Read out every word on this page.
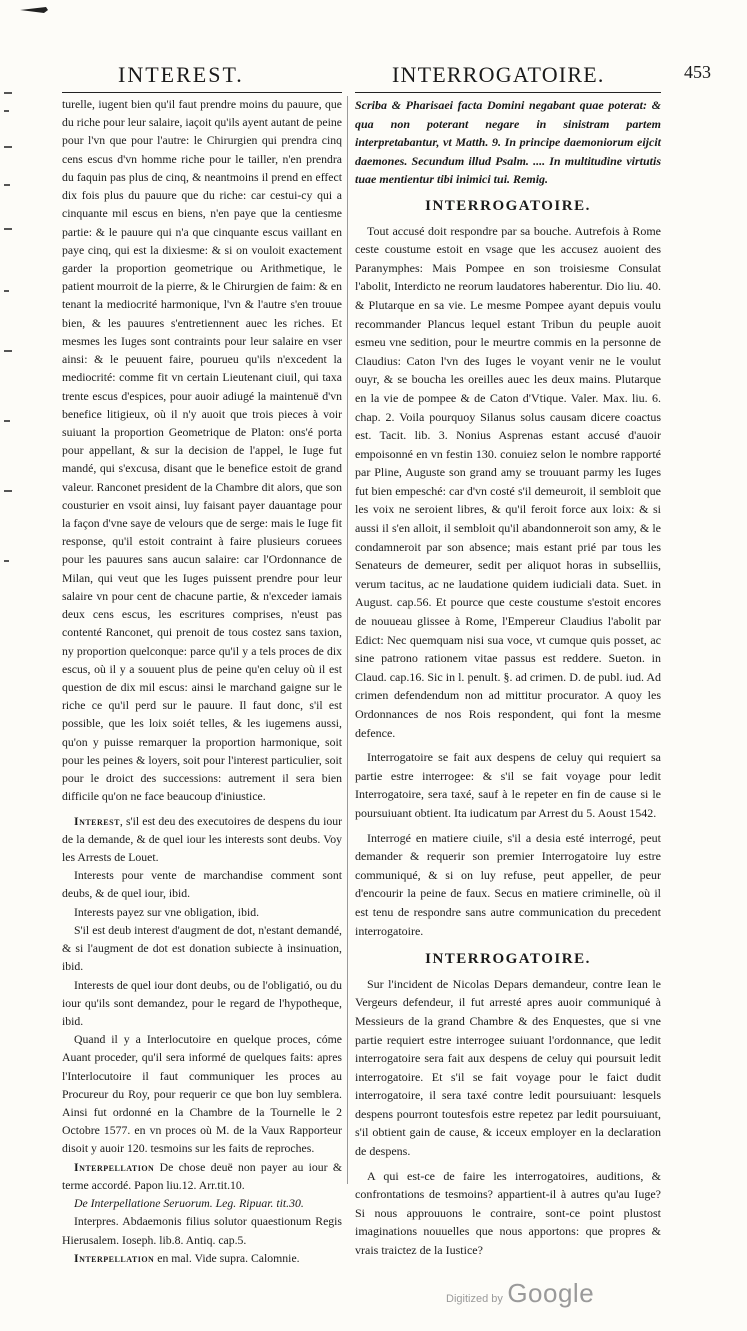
INTEREST.	INTERROGATOIRE.	453

turelle, iugent bien qu'il faut prendre moins du pauure, que du riche pour leur salaire, iaçoit qu'ils ayent autant de peine pour l'vn que pour l'autre: le Chirurgien qui prendra cinq cens escus d'vn homme riche pour le tailler, n'en prendra du faquin pas plus de cinq, & neantmoins il prend en effect dix fois plus du pauure que du riche: car cestui-cy qui a cinquante mil escus en biens, n'en paye que la centiesme partie: & le pauure qui n'a que cinquante escus vaillant en paye cinq, qui est la dixiesme: & si on vouloit exactement garder la proportion geometrique ou Arithmetique, le patient mourroit de la pierre, & le Chirurgien de faim: & en tenant la mediocrité harmonique, l'vn & l'autre s'en trouue bien, & les pauures s'entretiennent auec les riches. Et mesmes les Iuges sont contraints pour leur salaire en vser ainsi: & le peuuent faire, pourueu qu'ils n'excedent la mediocrité: comme fit vn certain Lieutenant ciuil, qui taxa trente escus d'espices, pour auoir adiugé la maintenuë d'vn benefice litigieux, où il n'y auoit que trois pieces à voir suiuant la proportion Geometrique de Platon: ons'é porta pour appellant, & sur la decision de l'appel, le Iuge fut mandé, qui s'excusa, disant que le benefice estoit de grand valeur. Ranconet president de la Chambre dit alors, que son cousturier en vsoit ainsi, luy faisant payer dauantage pour la façon d'vne saye de velours que de serge: mais le Iuge fit response, qu'il estoit contraint à faire plusieurs coruees pour les pauures sans aucun salaire: car l'Ordonnance de Milan, qui veut que les Iuges puissent prendre pour leur salaire vn pour cent de chacune partie, & n'exceder iamais deux cens escus, les escritures comprises, n'eust pas contenté Ranconet, qui prenoit de tous costez sans taxion, ny proportion quelconque: parce qu'il y a tels proces de dix escus, où il y a souuent plus de peine qu'en celuy où il est question de dix mil escus: ainsi le marchand gaigne sur le riche ce qu'il perd sur le pauure. Il faut donc, s'il est possible, que les loix soiét telles, & les iugemens aussi, qu'on y puisse remarquer la proportion harmonique, soit pour les peines & loyers, soit pour l'interest particulier, soit pour le droict des successions: autrement il sera bien difficile qu'on ne face beaucoup d'iniustice.

Interest, s'il est deu des executoires de despens du iour de la demande, & de quel iour les interests sont deubs. Voy les Arrests de Louet.

Interests pour vente de marchandise comment sont deubs, & de quel iour, ibid.

Interests payez sur vne obligation, ibid.

S'il est deub interest d'augment de dot, n'estant demandé, & si l'augment de dot est donation subiecte à insinuation, ibid.

Interests de quel iour dont deubs, ou de l'obligatió, ou du iour qu'ils sont demandez, pour le regard de l'hypotheque, ibid.

Quand il y a Interlocutoire en quelque proces, cóme Auant proceder, qu'il sera informé de quelques faits: apres l'Interlocutoire il faut communiquer les proces au Procureur du Roy, pour requerir ce que bon luy semblera. Ainsi fut ordonné en la Chambre de la Tournelle le 2 Octobre 1577. en vn proces où M. de la Vaux Rapporteur disoit y auoir 120. tesmoins sur les faits de reproches.

Interpellation De chose deuë non payer au iour & terme accordé. Papon liu.12. Arr.tit.10.

De Interpellatione Seruorum. Leg. Ripuar. tit.30.

Interpres. Abdaemonis filius solutor quaestionum Regis Hierusalem. Ioseph. lib.8. Antiq. cap.5.

Interpellation en mal. Vide supra. Calomnie.

Scriba & Pharisaei facta Domini negabant quae poterat: & qua non poterant negare in sinistram partem interpretabantur, vt Matth. 9. In principe daemoniorum eijcit daemones. Secundum illud Psalm. .... In multitudine virtutis tuae mentientur tibi inimici tui. Remig.

INTERROGATOIRE.

Tout accusé doit respondre par sa bouche. Autrefois à Rome ceste coustume estoit en vsage que les accusez auoient des Paranymphes: Mais Pompee en son troisiesme Consulat l'abolit, Interdicto ne reorum laudatores haberentur. Dio liu. 40. & Plutarque en sa vie. Le mesme Pompee ayant depuis voulu recommander Plancus lequel estant Tribun du peuple auoit esmeu vne sedition, pour le meurtre commis en la personne de Claudius: Caton l'vn des Iuges le voyant venir ne le voulut ouyr, & se boucha les oreilles auec les deux mains. Plutarque en la vie de pompee & de Caton d'Vtique. Valer. Max. liu. 6. chap. 2. Voila pourquoy Silanus solus causam dicere coactus est. Tacit. lib. 3. Nonius Asprenas estant accusé d'auoir empoisonné en vn festin 130. conuiez selon le nombre rapporté par Pline, Auguste son grand amy se trouuant parmy les Iuges fut bien empesché: car d'vn costé s'il demeuroit, il sembloit que les voix ne seroient libres, & qu'il feroit force aux loix: & si aussi il s'en alloit, il sembloit qu'il abandonneroit son amy, & le condamneroit par son absence; mais estant prié par tous les Senateurs de demeurer, sedit per aliquot horas in subselliis, verum tacitus, ac ne laudatione quidem iudiciali data. Suet. in August. cap.56. Et pource que ceste coustume s'estoit encores de nouueau glissee à Rome, l'Empereur Claudius l'abolit par Edict: Nec quemquam nisi sua voce, vt cumque quis posset, ac sine patrono rationem vitae passus est reddere. Sueton. in Claud. cap.16. Sic in l. penult. §. ad crimen. D. de publ. iud. Ad crimen defendendum non ad mittitur procurator. A quoy les Ordonnances de nos Rois respondent, qui font la mesme defence.

Interrogatoire se fait aux despens de celuy qui requiert sa partie estre interrogee: & s'il se fait voyage pour ledit Interrogatoire, sera taxé, sauf à le repeter en fin de cause si le poursuiuant obtient. Ita iudicatum par Arrest du 5. Aoust 1542.

Interrogé en matiere ciuile, s'il a desia esté interrogé, peut demander & requerir son premier Interrogatoire luy estre communiqué, & si on luy refuse, peut appeller, de peur d'encourir la peine de faux. Secus en matiere criminelle, où il est tenu de respondre sans autre communication du precedent interrogatoire.

INTERROGATOIRE.

Sur l'incident de Nicolas Depars demandeur, contre Iean le Vergeurs defendeur, il fut arresté apres auoir communiqué à Messieurs de la grand Chambre & des Enquestes, que si vne partie requiert estre interrogee suiuant l'ordonnance, que ledit interrogatoire sera fait aux despens de celuy qui poursuit ledit interrogatoire. Et s'il se fait voyage pour le faict dudit interrogatoire, il sera taxé contre ledit poursuiuant: lesquels despens pourront toutesfois estre repetez par ledit poursuiuant, s'il obtient gain de cause, & icceux employer en la declaration de despens.

A qui est-ce de faire les interrogatoires, auditions, & confrontations de tesmoins? appartient-il à autres qu'au Iuge? Si nous approuuons le contraire, sont-ce point plustost imaginations nouuelles que nous apportons: que propres & vrais traictez de la Iustice?

Digitized by Google
